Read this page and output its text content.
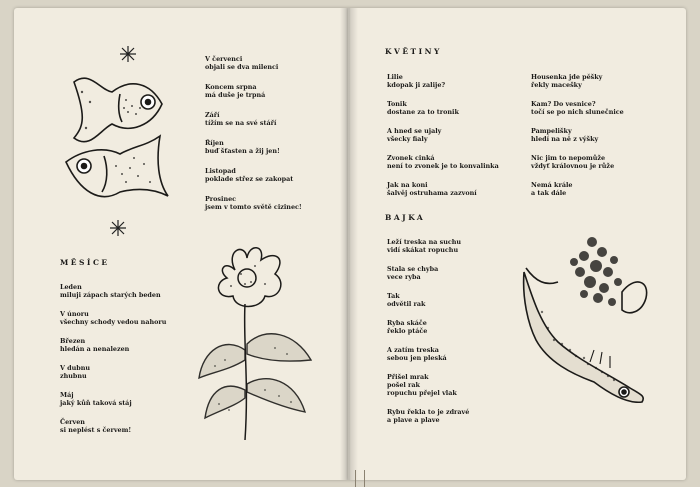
V červenci
objali se dva milenci
Koncem srpna
má duše je trpná
Září
tížím se na své stáří
Říjen
buď šťasten a žij jen!
Listopad
poklade střez se zakopat
Prosinec
jsem v tomto světě cizinec!
MĚSÍCE
Leden
miluji zápach starých beden
V únoru
všechny schody vedou nahoru
Březen
hledán a nenalezen
V dubnu
zhubnu
Máj
jaký kůň taková stáj
Červen
si neplést s červem!
KVĚTINY
Lilie
kdopak ji zalije?
Tonik
dostane za to tronik
A hned se ujaly
všecky fialy
Zvonek cinká
není to zvonek je to konvalinka
Jak na koni
šalvěj ostruhama zazvoní
Housenka jde pěšky
řekly macešky
Kam? Do vesnice?
točí se po nich slunečnice
Pampelišky
hledí na ně z výšky
Nic jim to nepomůže
vždyť královnou je růže
Nemá krále
a tak dále
BAJKA
Leží treska na suchu
vidí skákat ropuchu
Stala se chyba
vece ryba
Tak
odvětil rak
Ryba skáče
řeklo ptáče
A zatím treska
sebou jen pleská
Přišel mrak
pošel rak
ropuchu přejel vlak
Rybu řekla to je zdravé
a plave a plave
